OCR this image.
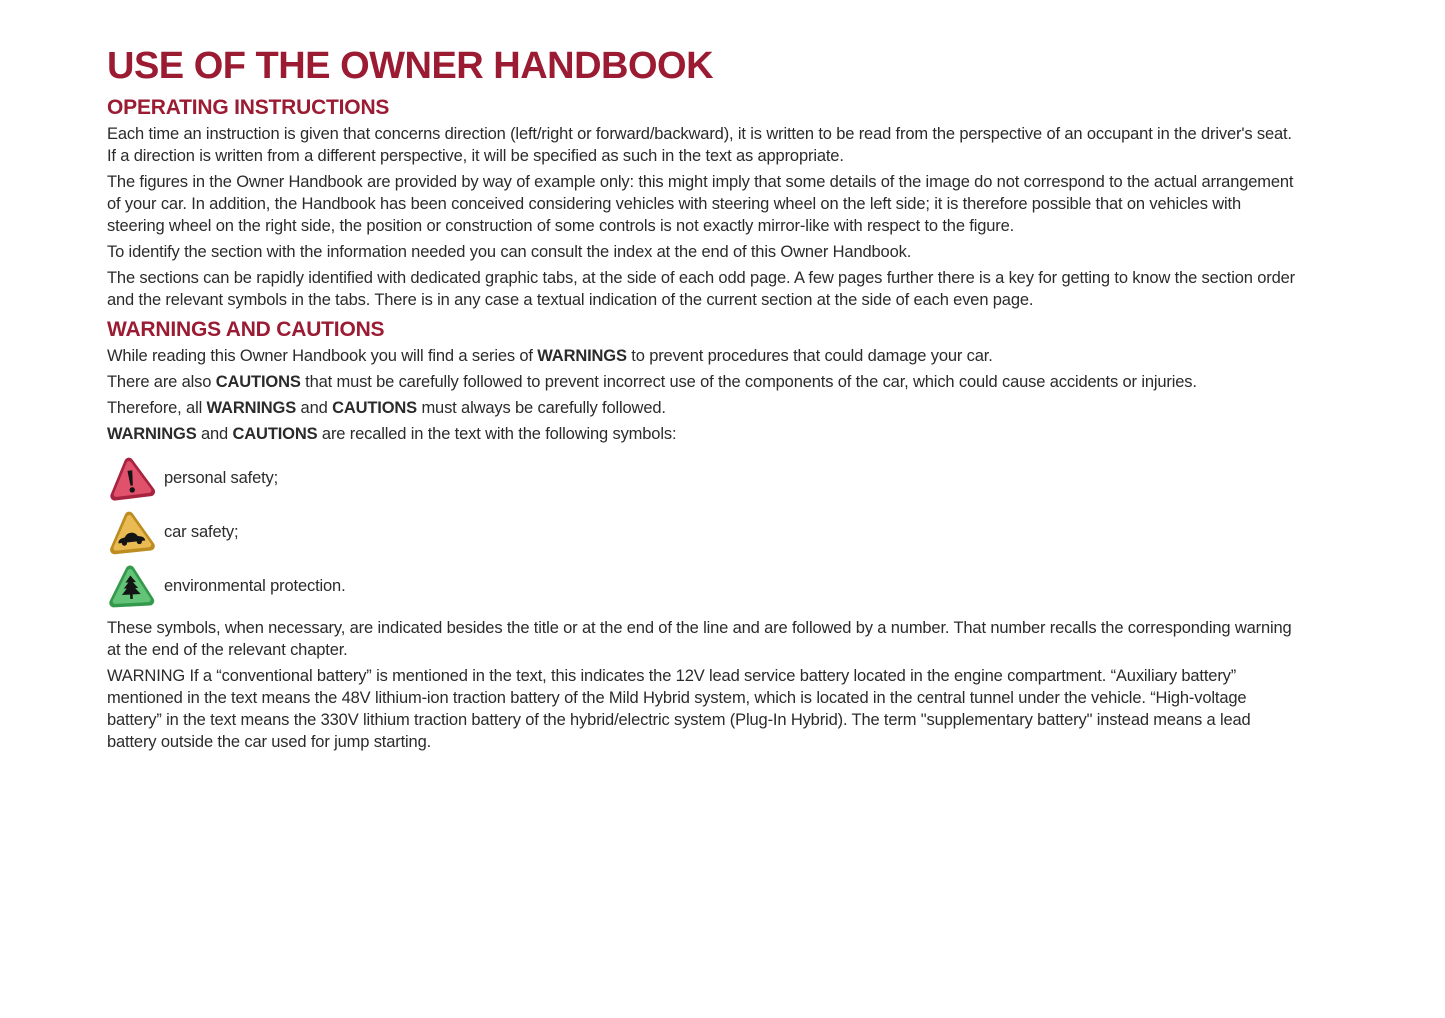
USE OF THE OWNER HANDBOOK
OPERATING INSTRUCTIONS

Each time an instruction is given that concerns direction (left/right or forward/backward), it is written to be read from the perspective of an occupant in the driver's seat. If a direction is written from a different perspective, it will be specified as such in the text as appropriate.

The figures in the Owner Handbook are provided by way of example only: this might imply that some details of the image do not correspond to the actual arrangement of your car. In addition, the Handbook has been conceived considering vehicles with steering wheel on the left side; it is therefore possible that on vehicles with steering wheel on the right side, the position or construction of some controls is not exactly mirror-like with respect to the figure.

To identify the section with the information needed you can consult the index at the end of this Owner Handbook.

The sections can be rapidly identified with dedicated graphic tabs, at the side of each odd page. A few pages further there is a key for getting to know the section order and the relevant symbols in the tabs. There is in any case a textual indication of the current section at the side of each even page.

WARNINGS AND CAUTIONS

While reading this Owner Handbook you will find a series of WARNINGS to prevent procedures that could damage your car.

There are also CAUTIONS that must be carefully followed to prevent incorrect use of the components of the car, which could cause accidents or injuries.

Therefore, all WARNINGS and CAUTIONS must always be carefully followed.

WARNINGS and CAUTIONS are recalled in the text with the following symbols:

personal safety;
car safety;
environmental protection.

These symbols, when necessary, are indicated besides the title or at the end of the line and are followed by a number. That number recalls the corresponding warning at the end of the relevant chapter.

WARNING If a “conventional battery” is mentioned in the text, this indicates the 12V lead service battery located in the engine compartment. “Auxiliary battery” mentioned in the text means the 48V lithium-ion traction battery of the Mild Hybrid system, which is located in the central tunnel under the vehicle. “High-voltage battery” in the text means the 330V lithium traction battery of the hybrid/electric system (Plug-In Hybrid). The term "supplementary battery" instead means a lead battery outside the car used for jump starting.
